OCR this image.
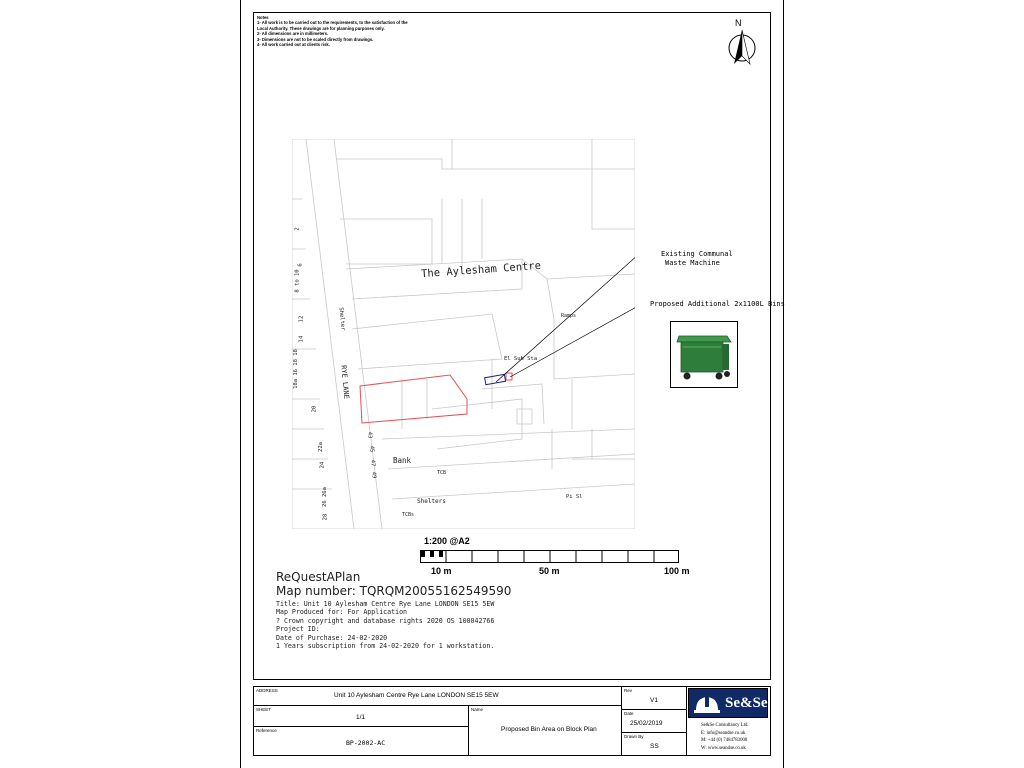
Notes
1- All work is to be carried out to the requirements, to the satisfaction of the
Local Authority. These drawings are for planning purposes only.
2- All dimensions are in millimeters.
3- Dimensions are not to be scaled directly from drawings.
4- All work carried out at clients risk.
N
The Aylesham Centre
RYE LANE
Shelter
Bank
TCB
Shelters
TCBs
Ramps
El Sub Sta
Pi Sl
2
6
8 to 10
12
14
18a 16 18 18
20
22a
24
26 26a
28
43
45
47
49
Existing Communal
Waste Machine
Proposed Additional 2x1100L Bins
1:200 @A2
10 m	50 m	100 m
ReQuestAPlan
Map number: TQRQM20055162549590
Title: Unit 10 Aylesham Centre Rye Lane LONDON SE15 5EW
Map Produced for: For Application
? Crown copyright and database rights 2020 OS 100042766
Project ID:
Date of Purchase: 24-02-2020
1 Years subscription from 24-02-2020 for 1 workstation.
ADDRESS
Unit 10 Aylesham Centre Rye Lane LONDON SE15 5EW
SHEET
1/1
Reference
BP-2002-AC
Name
Proposed Bin Area on Block Plan
Rev
V1
Date
25/02/2019
Drawn By
SS
Se&Se
Se&Se Consultancy Ltd.
E: info@seandse.co.uk
M: +44 (0) 7484783000
W: www.seandse.co.uk
